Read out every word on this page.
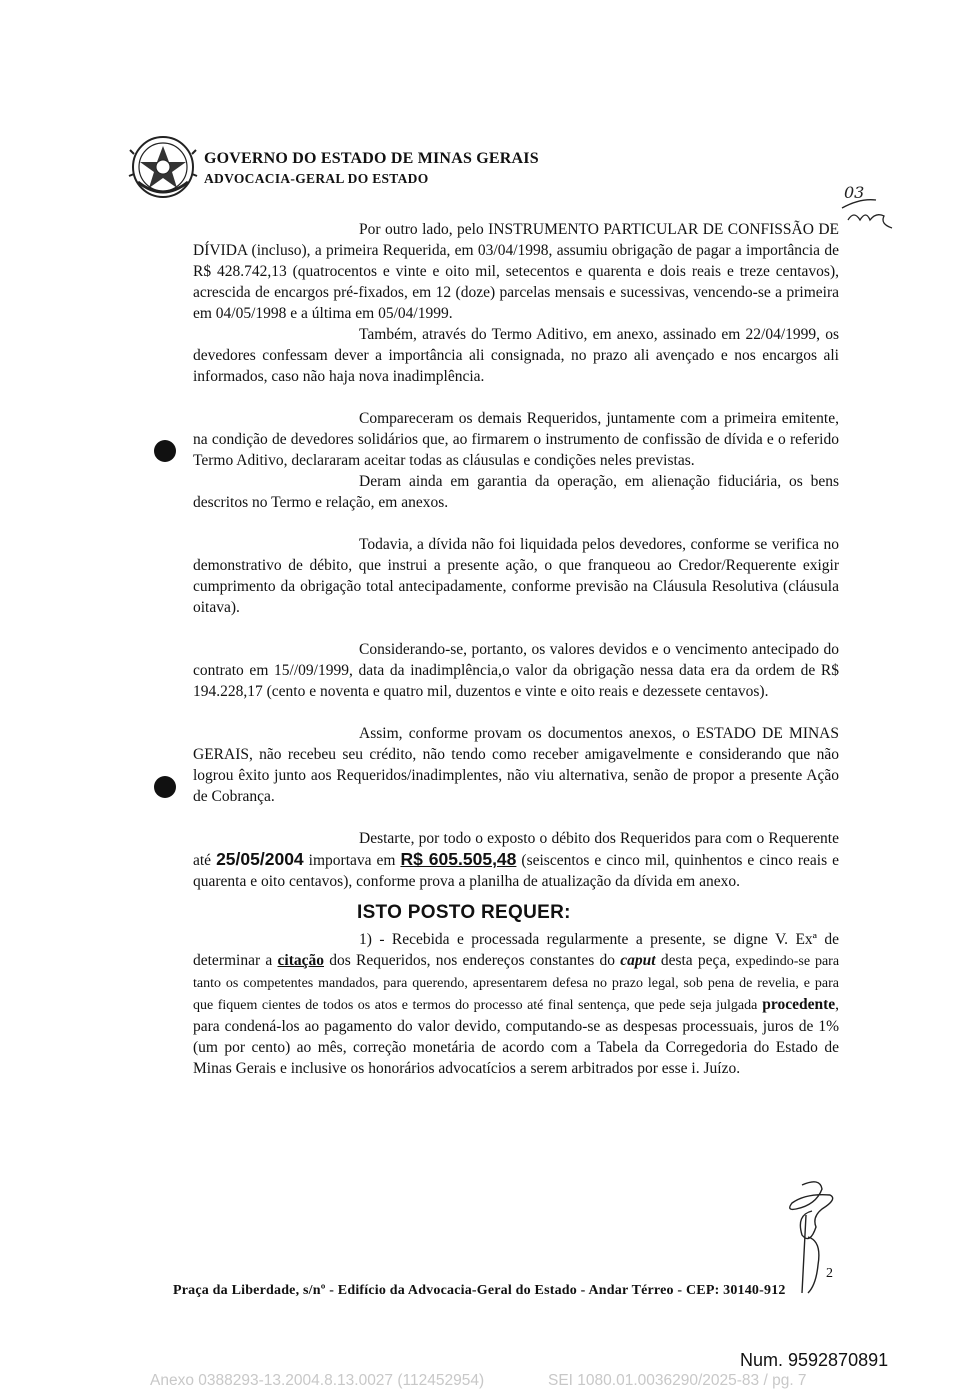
GOVERNO DO ESTADO DE MINAS GERAIS
ADVOCACIA-GERAL DO ESTADO
03

Por outro lado, pelo INSTRUMENTO PARTICULAR DE CONFISSÃO DE DÍVIDA (incluso), a primeira Requerida, em 03/04/1998, assumiu obrigação de pagar a importância de R$ 428.742,13 (quatrocentos e vinte e oito mil, setecentos e quarenta e dois reais e treze centavos), acrescida de encargos pré-fixados, em 12 (doze) parcelas mensais e sucessivas, vencendo-se a primeira em 04/05/1998 e a última em 05/04/1999.

Também, através do Termo Aditivo, em anexo, assinado em 22/04/1999, os devedores confessam dever a importância ali consignada, no prazo ali avençado e nos encargos ali informados, caso não haja nova inadimplência.

Compareceram os demais Requeridos, juntamente com a primeira emitente, na condição de devedores solidários que, ao firmarem o instrumento de confissão de dívida e o referido Termo Aditivo, declararam aceitar todas as cláusulas e condições neles previstas.

Deram ainda em garantia da operação, em alienação fiduciária, os bens descritos no Termo e relação, em anexos.

Todavia, a dívida não foi liquidada pelos devedores, conforme se verifica no demonstrativo de débito, que instrui a presente ação, o que franqueou ao Credor/Requerente exigir cumprimento da obrigação total antecipadamente, conforme previsão na Cláusula Resolutiva (cláusula oitava).

Considerando-se, portanto, os valores devidos e o vencimento antecipado do contrato em 15//09/1999, data da inadimplência,o valor da obrigação nessa data era da ordem de R$ 194.228,17 (cento e noventa e quatro mil, duzentos e vinte e oito reais e dezessete centavos).

Assim, conforme provam os documentos anexos, o ESTADO DE MINAS GERAIS, não recebeu seu crédito, não tendo como receber amigavelmente e considerando que não logrou êxito junto aos Requeridos/inadimplentes, não viu alternativa, senão de propor a presente Ação de Cobrança.

Destarte, por todo o exposto o débito dos Requeridos para com o Requerente até 25/05/2004 importava em R$ 605.505,48 (seiscentos e cinco mil, quinhentos e cinco reais e quarenta e oito centavos), conforme prova a planilha de atualização da dívida em anexo.

ISTO POSTO REQUER:

1) - Recebida e processada regularmente a presente, se digne V. Exª de determinar a citação dos Requeridos, nos endereços constantes do caput desta peça, expedindo-se para tanto os competentes mandados, para querendo, apresentarem defesa no prazo legal, sob pena de revelia, e para que fiquem cientes de todos os atos e termos do processo até final sentença, que pede seja julgada procedente, para condená-los ao pagamento do valor devido, computando-se as despesas processuais, juros de 1% (um por cento) ao mês, correção monetária de acordo com a Tabela da Corregedoria do Estado de Minas Gerais e inclusive os honorários advocatícios a serem arbitrados por esse i. Juízo.

2
Praça da Liberdade, s/nº - Edifício da Advocacia-Geral do Estado - Andar Térreo - CEP: 30140-912
Num. 9592870891
Anexo 0388293-13.2004.8.13.0027 (112452954)	SEI 1080.01.0036290/2025-83 / pg. 7
